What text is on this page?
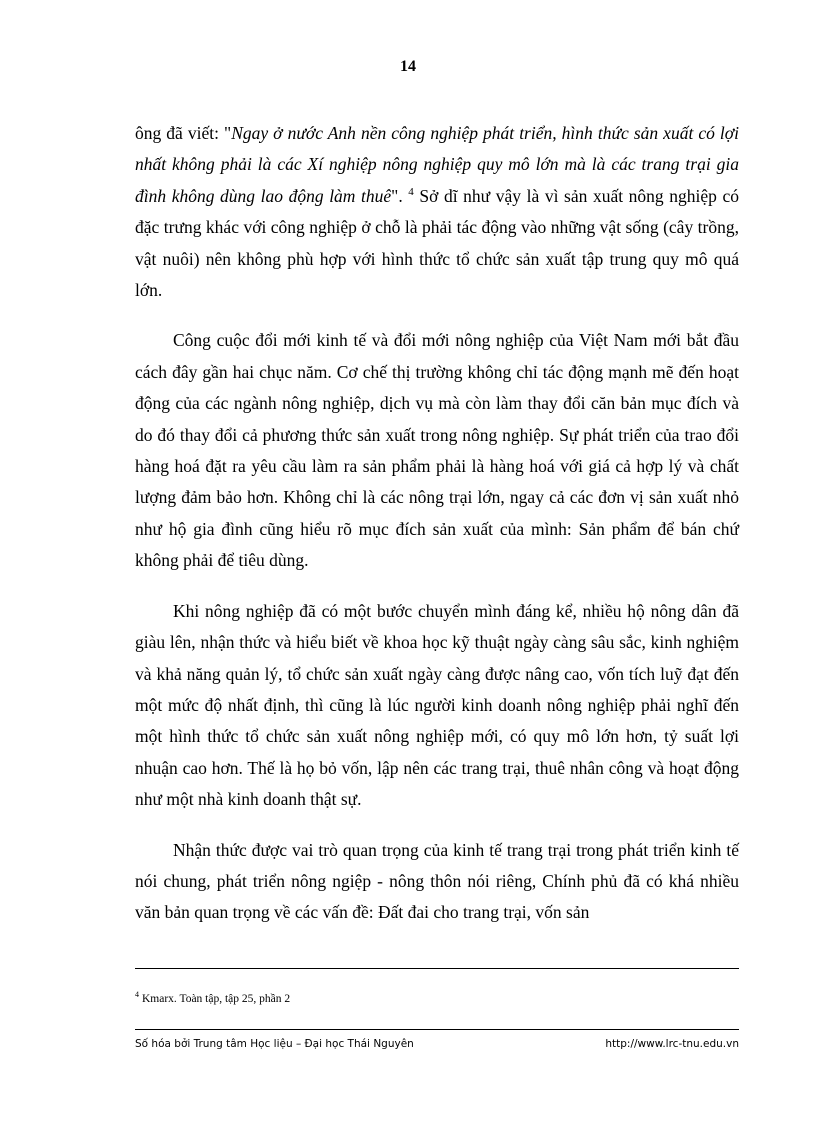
14

ông đã viết: "Ngay ở nước Anh nền công nghiệp phát triển, hình thức sản xuất có lợi nhất không phải là các Xí nghiệp nông nghiệp quy mô lớn mà là các trang trại gia đình không dùng lao động làm thuê". $^4$ Sở dĩ như vậy là vì sản xuất nông nghiệp có đặc trưng khác với công nghiệp ở chỗ là phải tác động vào những vật sống (cây trồng, vật nuôi) nên không phù hợp với hình thức tổ chức sản xuất tập trung quy mô quá lớn.

Công cuộc đổi mới kinh tế và đổi mới nông nghiệp của Việt Nam mới bắt đầu cách đây gần hai chục năm. Cơ chế thị trường không chỉ tác động mạnh mẽ đến hoạt động của các ngành nông nghiệp, dịch vụ mà còn làm thay đổi căn bản mục đích và do đó thay đổi cả phương thức sản xuất trong nông nghiệp. Sự phát triển của trao đổi hàng hoá đặt ra yêu cầu làm ra sản phẩm phải là hàng hoá với giá cả hợp lý và chất lượng đảm bảo hơn. Không chỉ là các nông trại lớn, ngay cả các đơn vị sản xuất nhỏ như hộ gia đình cũng hiểu rõ mục đích sản xuất của mình: Sản phẩm để bán chứ không phải để tiêu dùng.

Khi nông nghiệp đã có một bước chuyển mình đáng kể, nhiều hộ nông dân đã giàu lên, nhận thức và hiểu biết về khoa học kỹ thuật ngày càng sâu sắc, kinh nghiệm và khả năng quản lý, tổ chức sản xuất ngày càng được nâng cao, vốn tích luỹ đạt đến một mức độ nhất định, thì cũng là lúc người kinh doanh nông nghiệp phải nghĩ đến một hình thức tổ chức sản xuất nông nghiệp mới, có quy mô lớn hơn, tỷ suất lợi nhuận cao hơn. Thế là họ bỏ vốn, lập nên các trang trại, thuê nhân công và hoạt động như một nhà kinh doanh thật sự.

Nhận thức được vai trò quan trọng của kinh tế trang trại trong phát triển kinh tế nói chung, phát triển nông ngiệp - nông thôn nói riêng, Chính phủ đã có khá nhiều văn bản quan trọng về các vấn đề: Đất đai cho trang trại, vốn sản

$^4$ Kmarx. Toàn tập, tập 25, phần 2
Số hóa bởi Trung tâm Học liệu – Đại học Thái Nguyên	http://www.lrc-tnu.edu.vn
